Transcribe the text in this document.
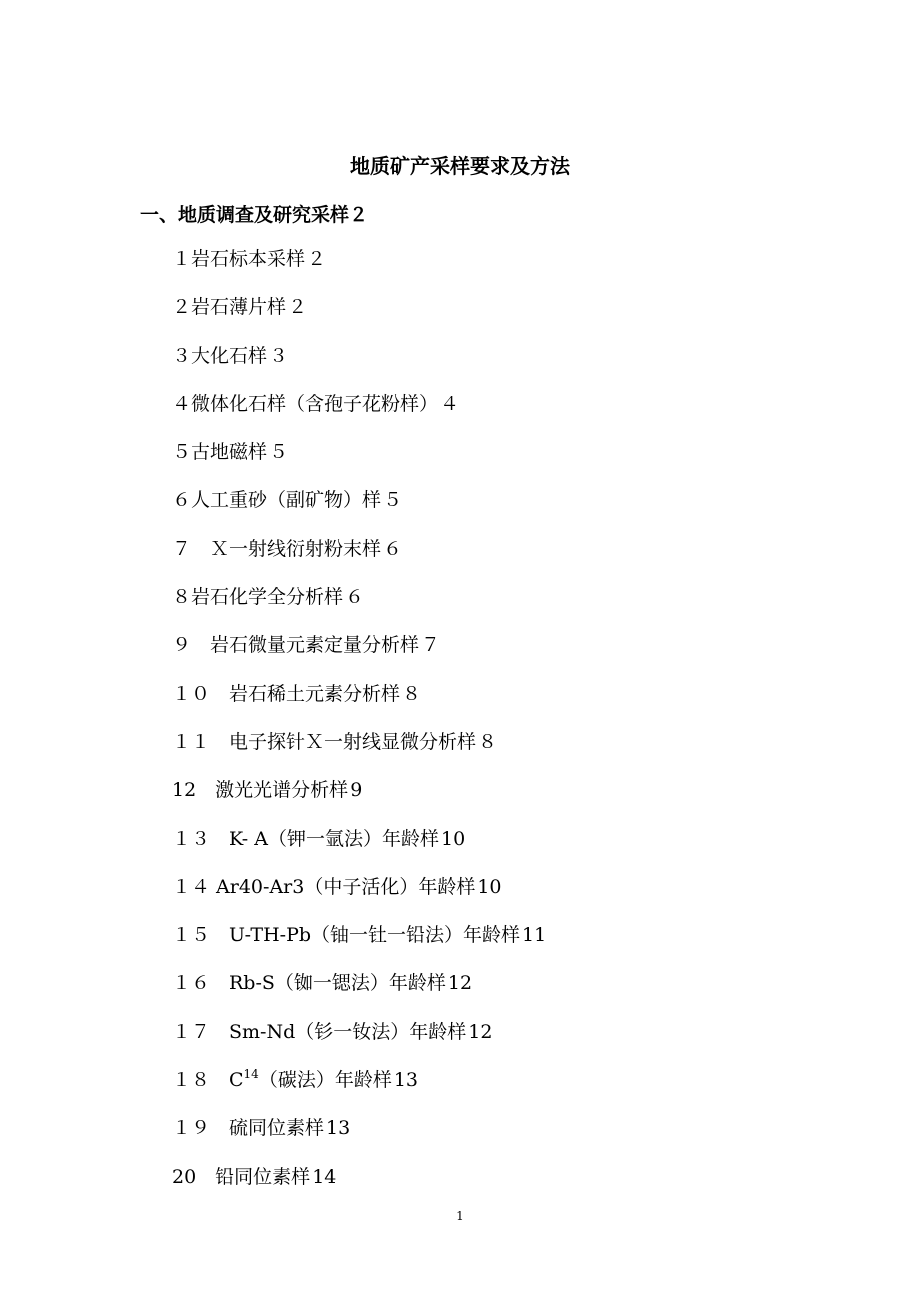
地质矿产采样要求及方法
一、地质调查及研究采样２
１岩石标本采样 ２
２岩石薄片样 ２
３大化石样 ３
４微体化石样（含孢子花粉样） ４
５古地磁样 ５
６人工重砂（副矿物）样 ５
７　Ｘ一射线衍射粉末样 ６
８岩石化学全分析样 ６
９　岩石微量元素定量分析样 ７
１０　岩石稀土元素分析样 ８
１１　电子探针Ｘ一射线显微分析样 ８
12　激光光谱分析样 9
１３　K- A（钾一氩法）年龄样 10
１４ Ar40-Ar3（中子活化）年龄样 10
１５　U-TH-Pb（铀一钍一铅法）年龄样 11
１６　Rb-S（铷一锶法）年龄样 12
１７　Sm-Nd（钐一钕法）年龄样 12
１８　$C^{14}$（碳法）年龄样 13
１９　硫同位素样 13
20　铅同位素样 14
1
